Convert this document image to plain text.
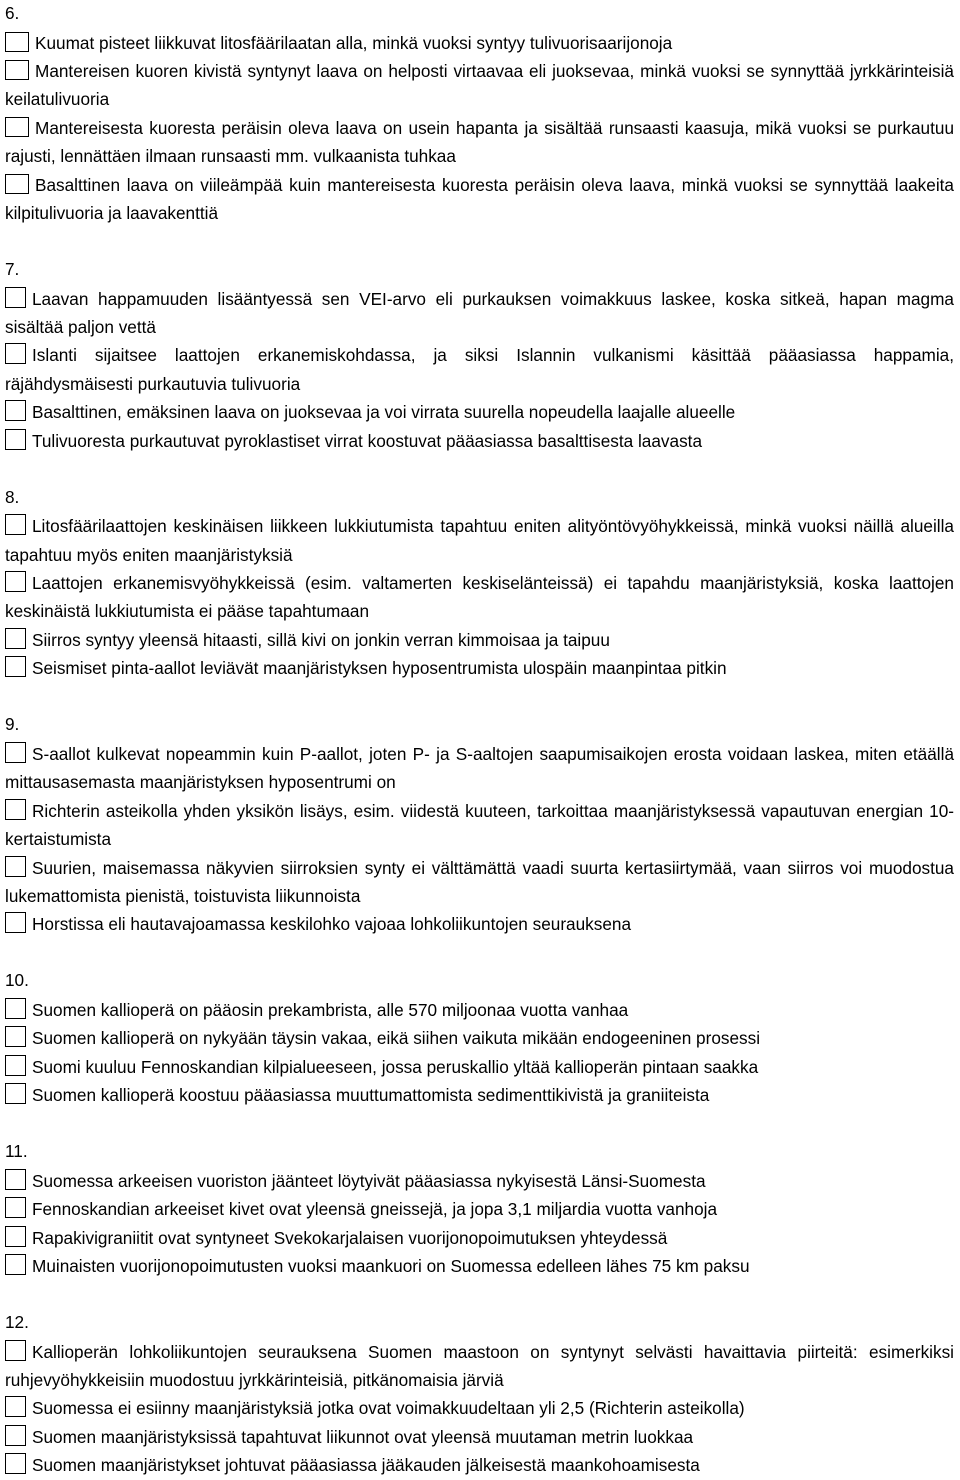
6.
Kuumat pisteet liikkuvat litosfäärilaatan alla, minkä vuoksi syntyy tulivuorisaarijonoja
Mantereisen kuoren kivistä syntynyt laava on helposti virtaavaa eli juoksevaa, minkä vuoksi se synnyttää jyrkkärinteisiä keilatulivuoria
Mantereisesta kuoresta peräisin oleva laava on usein hapanta ja sisältää runsaasti kaasuja, mikä vuoksi se purkautuu rajusti, lennättäen ilmaan runsaasti mm. vulkaanista tuhkaa
Basalttinen laava on viileämpää kuin mantereisesta kuoresta peräisin oleva laava, minkä vuoksi se synnyttää laakeita kilpitulivuoria ja laavakenttiä
7.
Laavan happamuuden lisääntyessä sen VEI-arvo eli purkauksen voimakkuus laskee, koska sitkeä, hapan magma sisältää paljon vettä
Islanti sijaitsee laattojen erkanemiskohdassa, ja siksi Islannin vulkanismi käsittää pääasiassa happamia, räjähdysmäisesti purkautuvia tulivuoria
Basalttinen, emäksinen laava on juoksevaa ja voi virrata suurella nopeudella laajalle alueelle
Tulivuoresta purkautuvat pyroklastiset virrat koostuvat pääasiassa basalttisesta laavasta
8.
Litosfäärilaattojen keskinäisen liikkeen lukkiutumista tapahtuu eniten alityöntövyöhykkeissä, minkä vuoksi näillä alueilla tapahtuu myös eniten maanjäristyksiä
Laattojen erkanemisvyöhykkeissä (esim. valtamerten keskiselänteissä) ei tapahdu maanjäristyksiä, koska laattojen keskinäistä lukkiutumista ei pääse tapahtumaan
Siirros syntyy yleensä hitaasti, sillä kivi on jonkin verran kimmoisaa ja taipuu
Seismiset pinta-aallot leviävät maanjäristyksen hyposentrumista ulospäin maanpintaa pitkin
9.
S-aallot kulkevat nopeammin kuin P-aallot, joten P- ja S-aaltojen saapumisaikojen erosta voidaan laskea, miten etäällä mittausasemasta maanjäristyksen hyposentrumi on
Richterin asteikolla yhden yksikön lisäys, esim. viidestä kuuteen, tarkoittaa maanjäristyksessä vapautuvan energian 10-kertaistumista
Suurien, maisemassa näkyvien siirroksien synty ei välttämättä vaadi suurta kertasiirtymää, vaan siirros voi muodostua lukemattomista pienistä, toistuvista liikunnoista
Horstissa eli hautavajoamassa keskilohko vajoaa lohkoliikuntojen seurauksena
10.
Suomen kallioperä on pääosin prekambrista, alle 570 miljoonaa vuotta vanhaa
Suomen kallioperä on nykyään täysin vakaa, eikä siihen vaikuta mikään endogeeninen prosessi
Suomi kuuluu Fennoskandian kilpialueeseen, jossa peruskallio yltää kallioperän pintaan saakka
Suomen kallioperä koostuu pääasiassa muuttumattomista sedimenttikivistä ja graniiteista
11.
Suomessa arkeeisen vuoriston jäänteet löytyivät pääasiassa nykyisestä Länsi-Suomesta
Fennoskandian arkeeiset kivet ovat yleensä gneissejä, ja jopa 3,1 miljardia vuotta vanhoja
Rapakivigraniitit ovat syntyneet Svekokarjalaisen vuorijonopoimutuksen yhteydessä
Muinaisten vuorijonopoimutusten vuoksi maankuori on Suomessa edelleen lähes 75 km paksu
12.
Kallioperän lohkoliikuntojen seurauksena Suomen maastoon on syntynyt selvästi havaittavia piirteitä: esimerkiksi ruhjevyöhykkeisiin muodostuu jyrkkärinteisiä, pitkänomaisia järviä
Suomessa ei esiinny maanjäristyksiä jotka ovat voimakkuudeltaan yli 2,5 (Richterin asteikolla)
Suomen maanjäristyksissä tapahtuvat liikunnot ovat yleensä muutaman metrin luokkaa
Suomen maanjäristykset johtuvat pääasiassa jääkauden jälkeisestä maankohoamisesta
